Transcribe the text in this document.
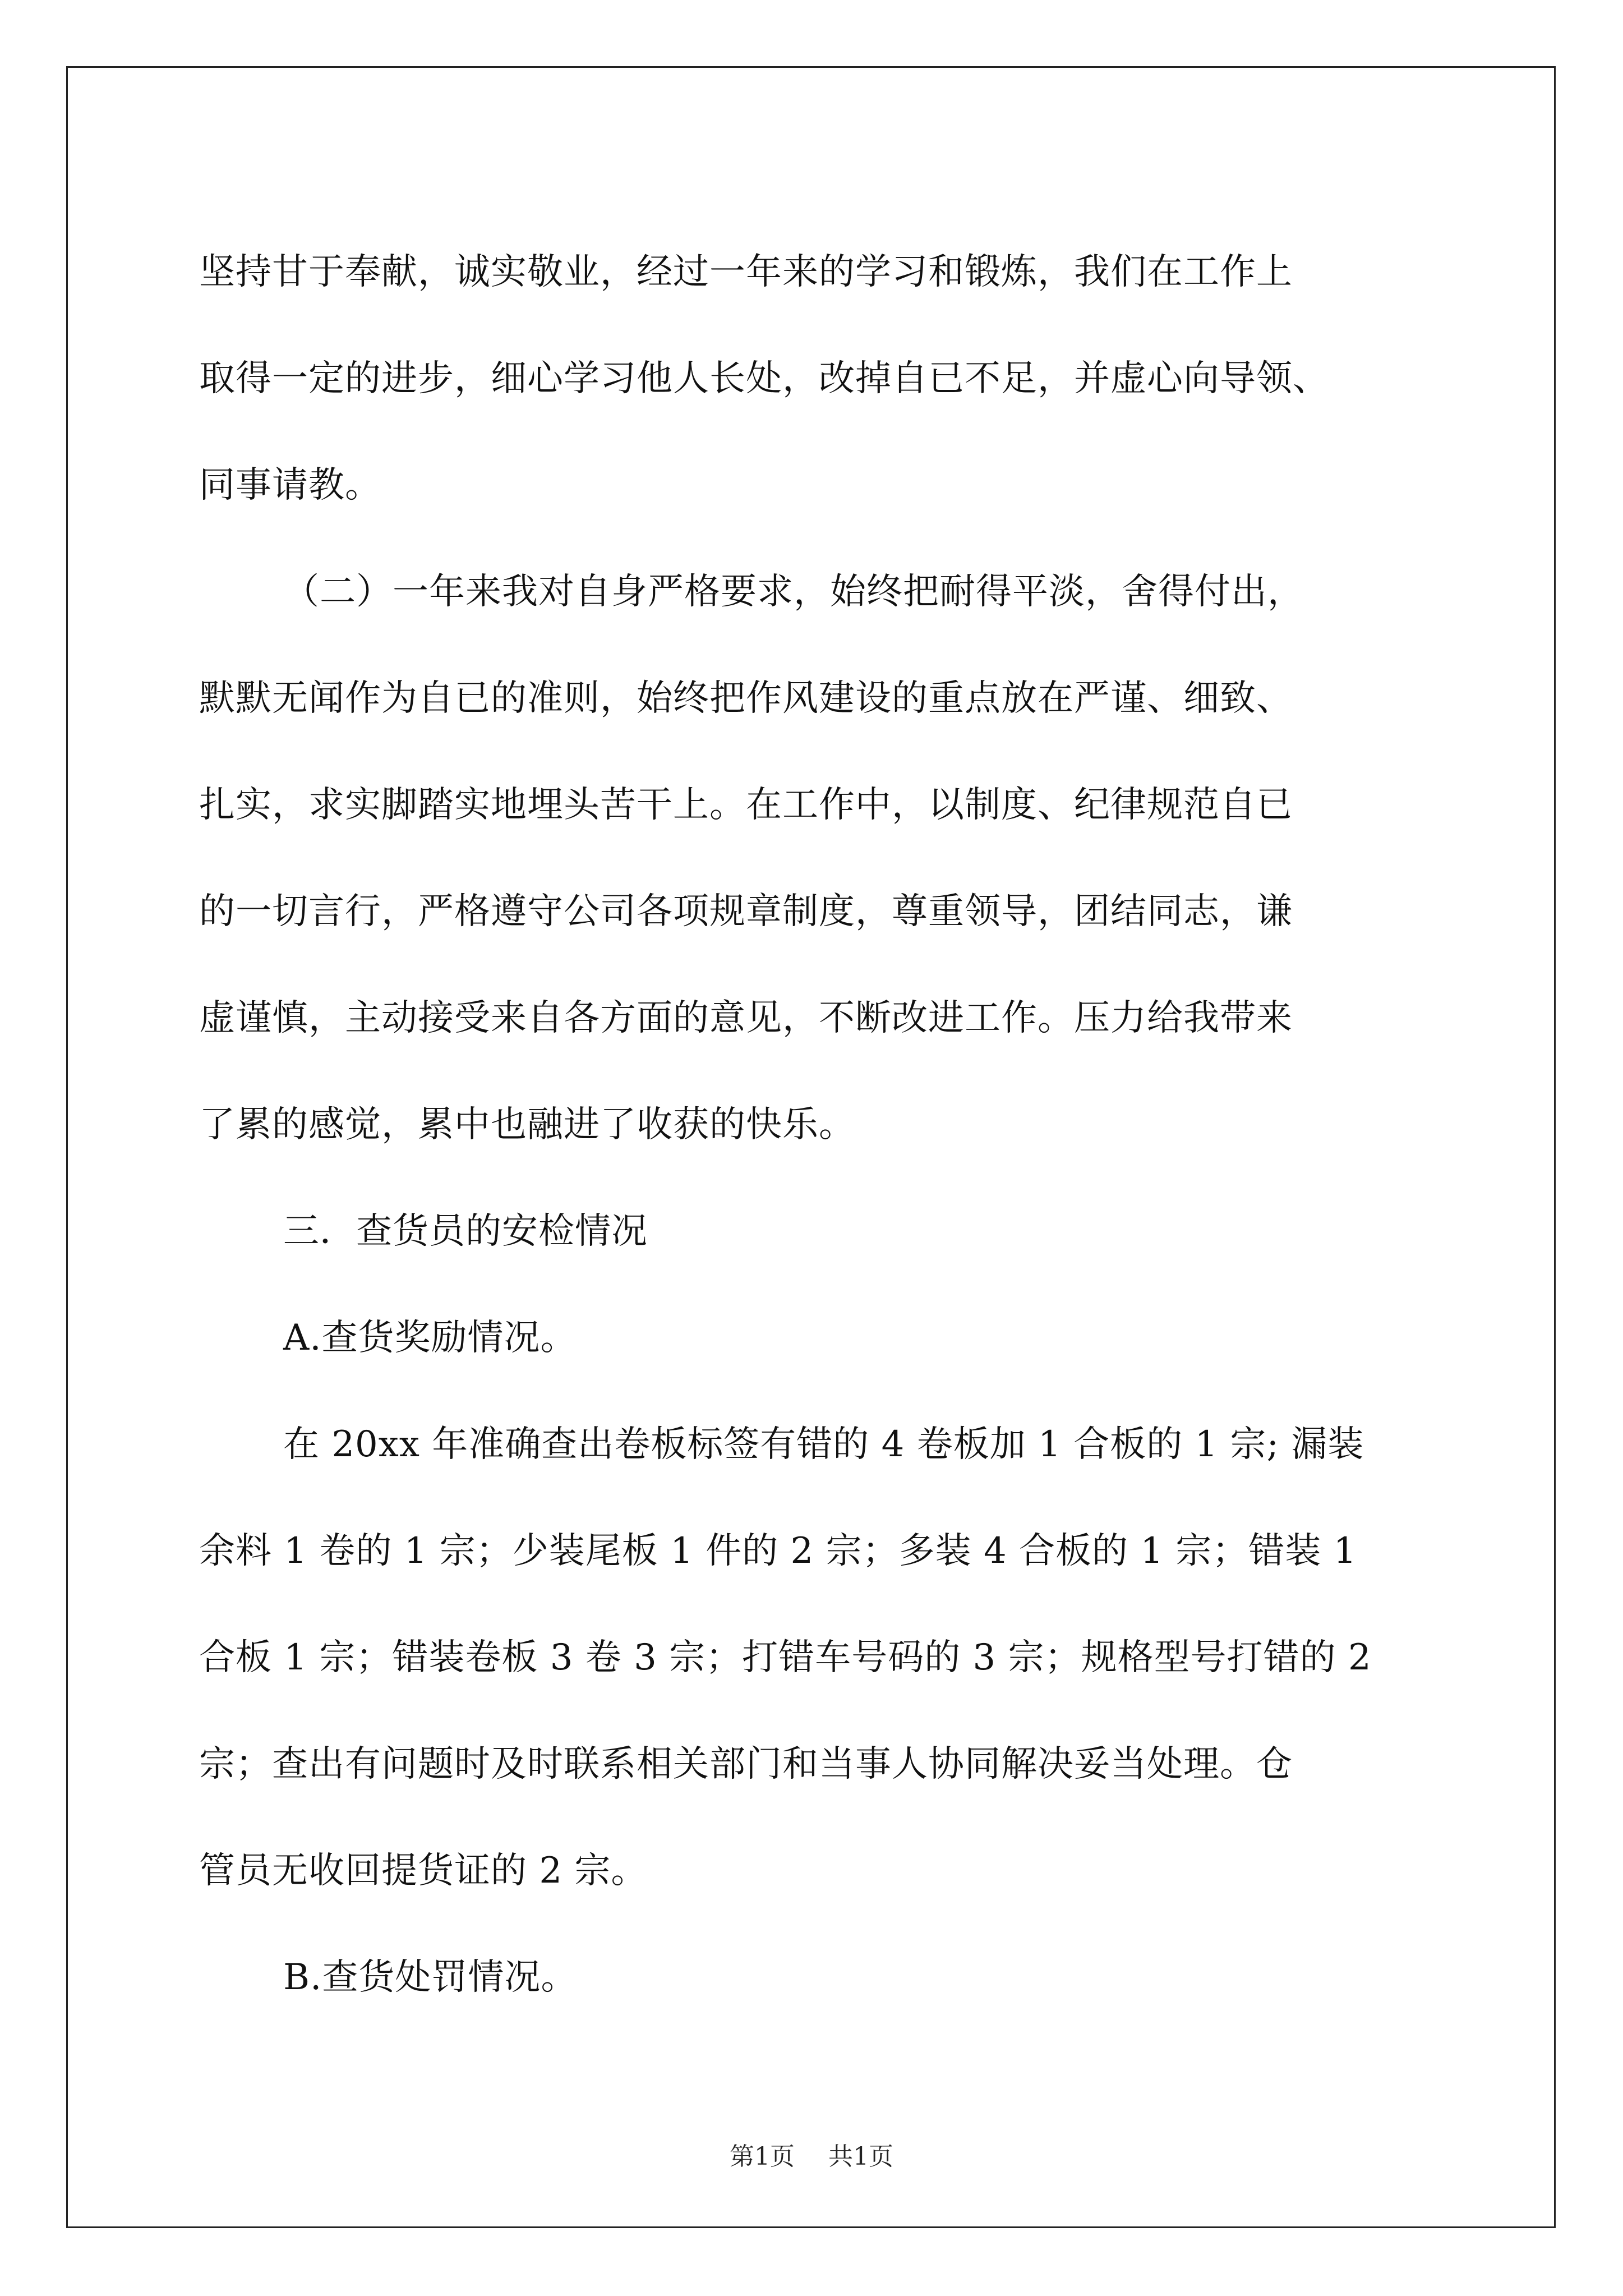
坚持甘于奉献，诚实敬业，经过一年来的学习和锻炼，我们在工作上
取得一定的进步，细心学习他人长处，改掉自已不足，并虚心向导领、
同事请教。
（二）一年来我对自身严格要求，始终把耐得平淡，舍得付出，
默默无闻作为自已的准则，始终把作风建设的重点放在严谨、细致、
扎实，求实脚踏实地埋头苦干上。在工作中，以制度、纪律规范自已
的一切言行，严格遵守公司各项规章制度，尊重领导，团结同志，谦
虚谨慎，主动接受来自各方面的意见，不断改进工作。压力给我带来
了累的感觉，累中也融进了收获的快乐。
三．查货员的安检情况
A.查货奖励情况。
在 20xx 年准确查出卷板标签有错的 4 卷板加 1 合板的 1 宗; 漏装
余料 1 卷的 1 宗；少装尾板 1 件的 2 宗；多装 4 合板的 1 宗；错装 1
合板 1 宗；错装卷板 3 卷 3 宗；打错车号码的 3 宗；规格型号打错的 2
宗；查出有问题时及时联系相关部门和当事人协同解决妥当处理。仓
管员无收回提货证的 2 宗。
B.查货处罚情况。
第1页 共1页
